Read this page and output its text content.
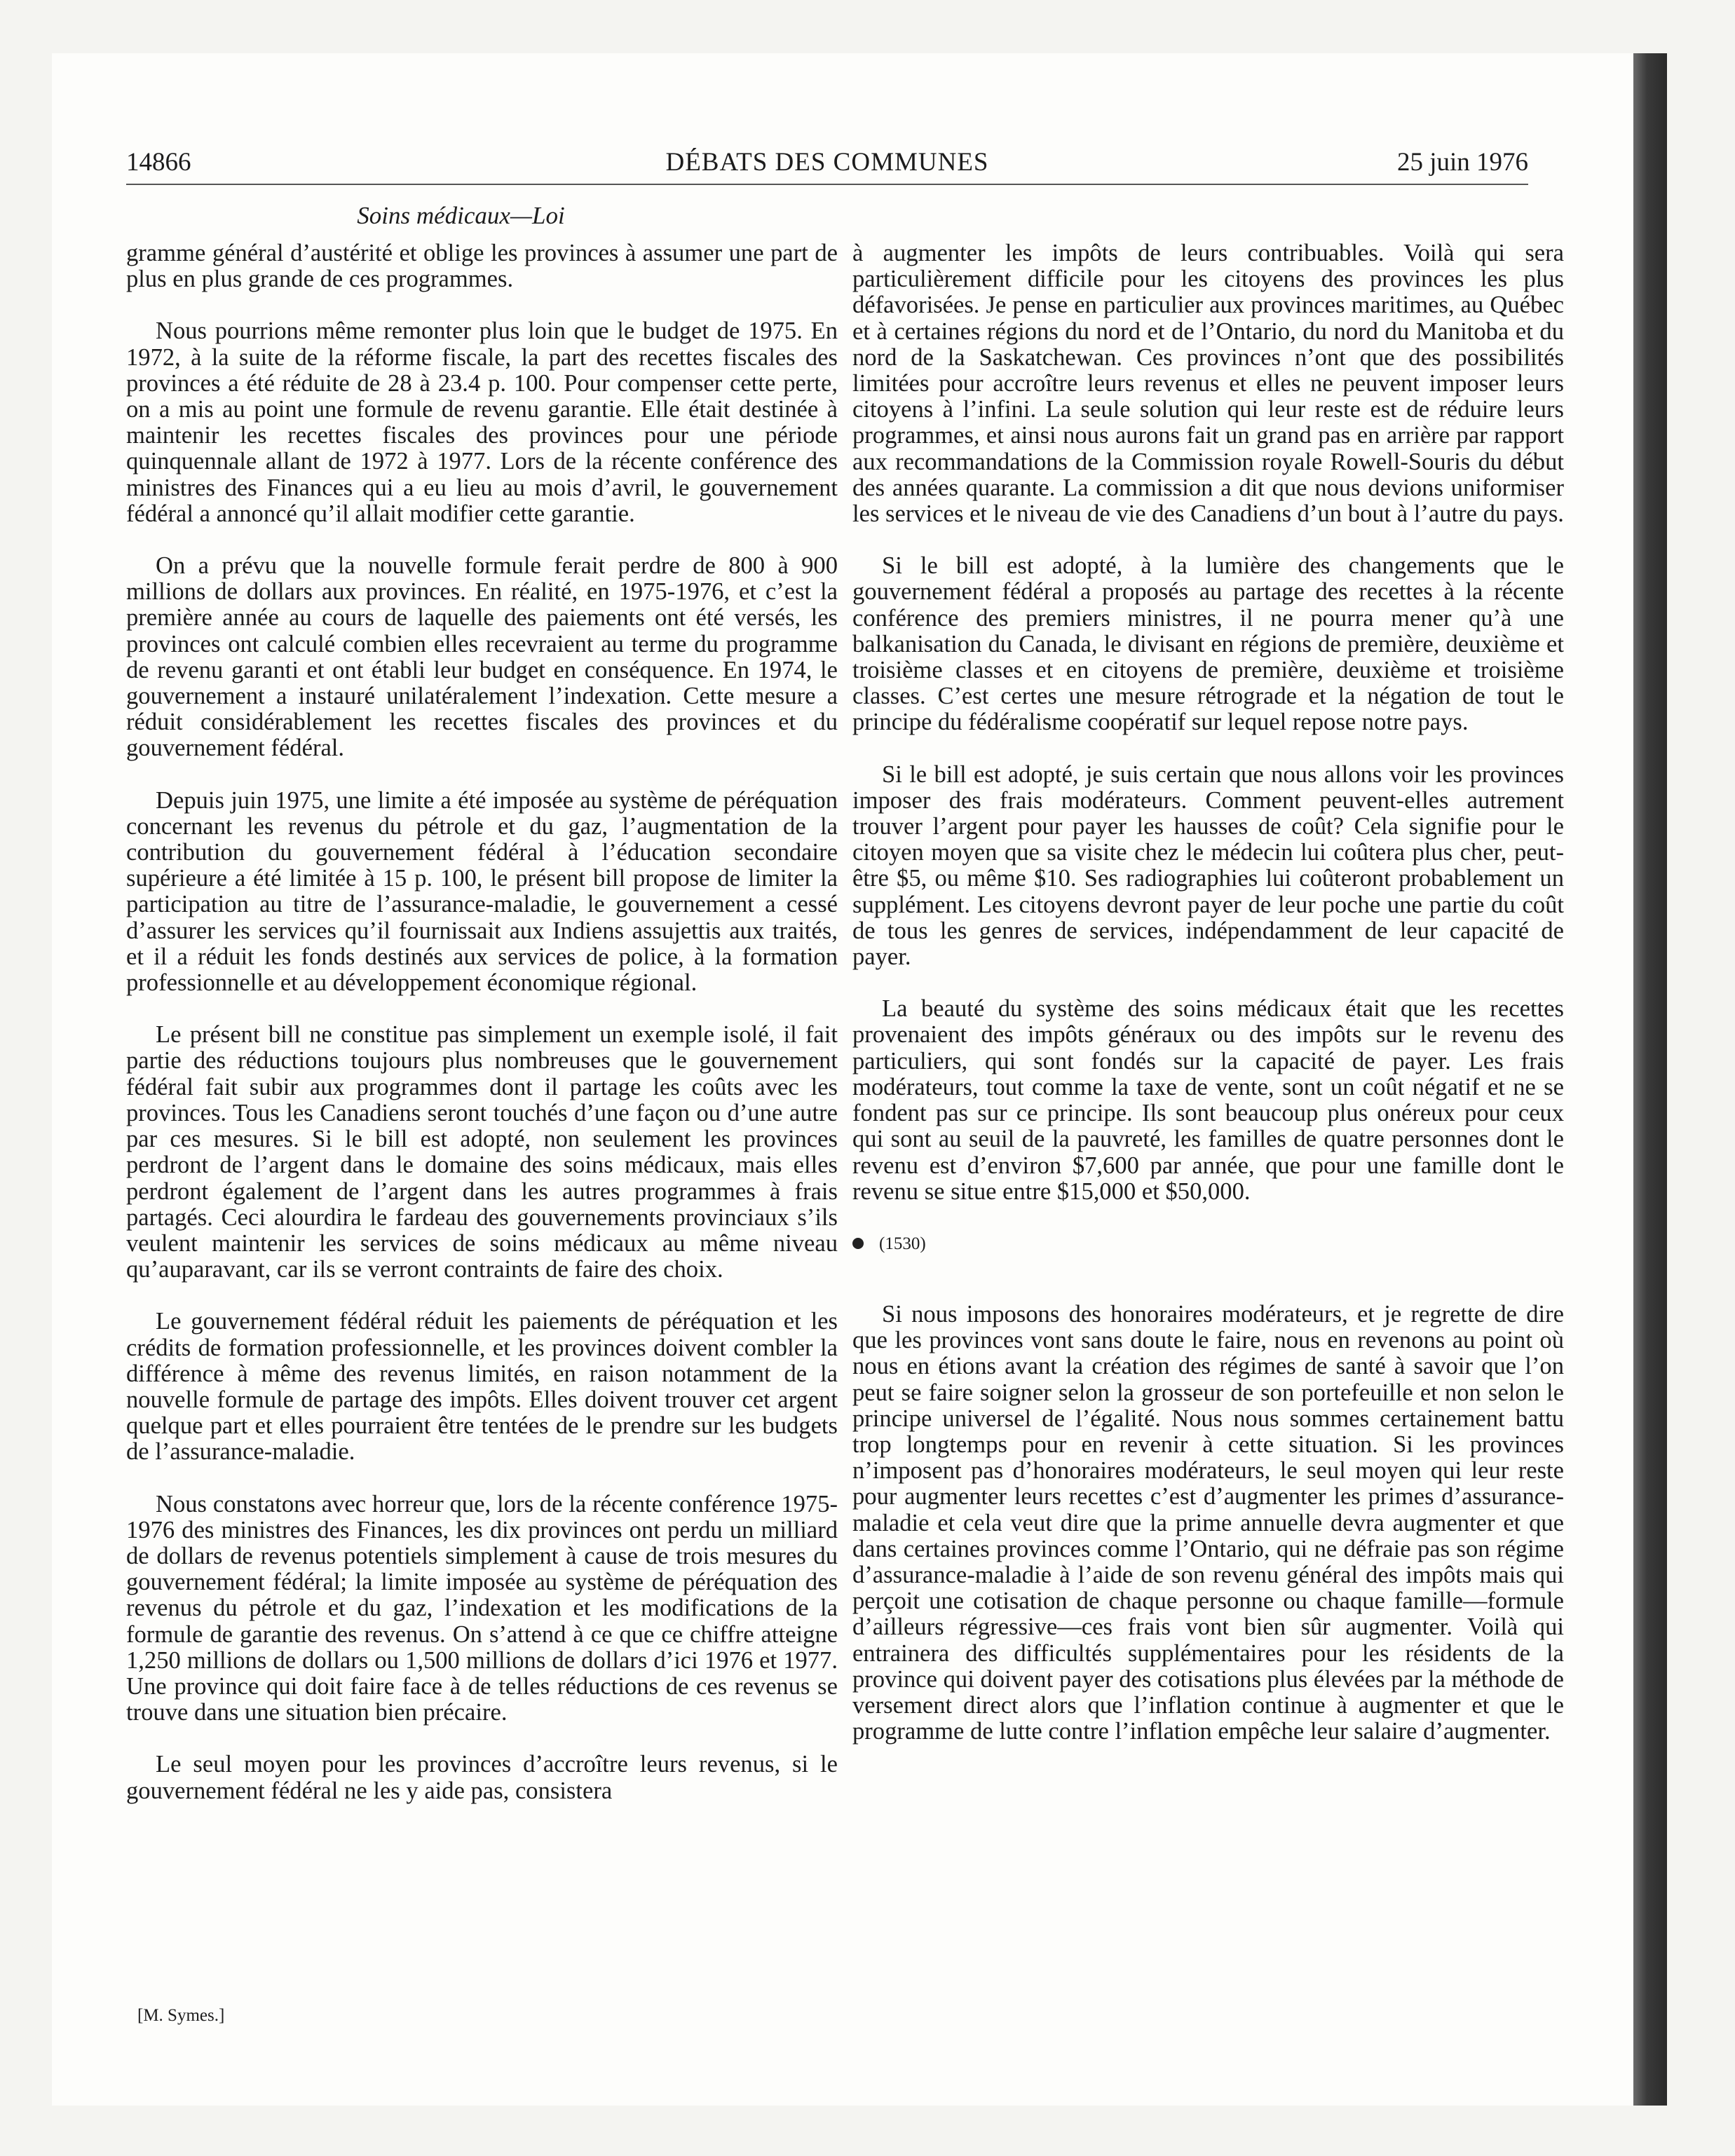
14866	DÉBATS DES COMMUNES	25 juin 1976
Soins médicaux—Loi

gramme général d’austérité et oblige les provinces à assumer une part de plus en plus grande de ces programmes.

Nous pourrions même remonter plus loin que le budget de 1975. En 1972, à la suite de la réforme fiscale, la part des recettes fiscales des provinces a été réduite de 28 à 23.4 p. 100. Pour compenser cette perte, on a mis au point une formule de revenu garantie. Elle était destinée à maintenir les recettes fiscales des provinces pour une période quinquennale allant de 1972 à 1977. Lors de la récente conférence des ministres des Finances qui a eu lieu au mois d’avril, le gouvernement fédéral a annoncé qu’il allait modifier cette garantie.

On a prévu que la nouvelle formule ferait perdre de 800 à 900 millions de dollars aux provinces. En réalité, en 1975-1976, et c’est la première année au cours de laquelle des paiements ont été versés, les provinces ont calculé combien elles recevraient au terme du programme de revenu garanti et ont établi leur budget en conséquence. En 1974, le gouvernement a instauré unilatéralement l’indexation. Cette mesure a réduit considérablement les recettes fiscales des provinces et du gouvernement fédéral.

Depuis juin 1975, une limite a été imposée au système de péréquation concernant les revenus du pétrole et du gaz, l’augmentation de la contribution du gouvernement fédéral à l’éducation secondaire supérieure a été limitée à 15 p. 100, le présent bill propose de limiter la participation au titre de l’assurance-maladie, le gouvernement a cessé d’assurer les services qu’il fournissait aux Indiens assujettis aux traités, et il a réduit les fonds destinés aux services de police, à la formation professionnelle et au développement économique régional.

Le présent bill ne constitue pas simplement un exemple isolé, il fait partie des réductions toujours plus nombreuses que le gouvernement fédéral fait subir aux programmes dont il partage les coûts avec les provinces. Tous les Canadiens seront touchés d’une façon ou d’une autre par ces mesures. Si le bill est adopté, non seulement les provinces perdront de l’argent dans le domaine des soins médicaux, mais elles perdront également de l’argent dans les autres programmes à frais partagés. Ceci alourdira le fardeau des gouvernements provinciaux s’ils veulent maintenir les services de soins médicaux au même niveau qu’auparavant, car ils se verront contraints de faire des choix.

Le gouvernement fédéral réduit les paiements de péréquation et les crédits de formation professionnelle, et les provinces doivent combler la différence à même des revenus limités, en raison notamment de la nouvelle formule de partage des impôts. Elles doivent trouver cet argent quelque part et elles pourraient être tentées de le prendre sur les budgets de l’assurance-maladie.

Nous constatons avec horreur que, lors de la récente conférence 1975-1976 des ministres des Finances, les dix provinces ont perdu un milliard de dollars de revenus potentiels simplement à cause de trois mesures du gouvernement fédéral; la limite imposée au système de péréquation des revenus du pétrole et du gaz, l’indexation et les modifications de la formule de garantie des revenus. On s’attend à ce que ce chiffre atteigne 1,250 millions de dollars ou 1,500 millions de dollars d’ici 1976 et 1977. Une province qui doit faire face à de telles réductions de ces revenus se trouve dans une situation bien précaire.

Le seul moyen pour les provinces d’accroître leurs revenus, si le gouvernement fédéral ne les y aide pas, consistera

[M. Symes.]

à augmenter les impôts de leurs contribuables. Voilà qui sera particulièrement difficile pour les citoyens des provinces les plus défavorisées. Je pense en particulier aux provinces maritimes, au Québec et à certaines régions du nord et de l’Ontario, du nord du Manitoba et du nord de la Saskatchewan. Ces provinces n’ont que des possibilités limitées pour accroître leurs revenus et elles ne peuvent imposer leurs citoyens à l’infini. La seule solution qui leur reste est de réduire leurs programmes, et ainsi nous aurons fait un grand pas en arrière par rapport aux recommandations de la Commission royale Rowell-Souris du début des années quarante. La commission a dit que nous devions uniformiser les services et le niveau de vie des Canadiens d’un bout à l’autre du pays.

Si le bill est adopté, à la lumière des changements que le gouvernement fédéral a proposés au partage des recettes à la récente conférence des premiers ministres, il ne pourra mener qu’à une balkanisation du Canada, le divisant en régions de première, deuxième et troisième classes et en citoyens de première, deuxième et troisième classes. C’est certes une mesure rétrograde et la négation de tout le principe du fédéralisme coopératif sur lequel repose notre pays.

Si le bill est adopté, je suis certain que nous allons voir les provinces imposer des frais modérateurs. Comment peuvent-elles autrement trouver l’argent pour payer les hausses de coût? Cela signifie pour le citoyen moyen que sa visite chez le médecin lui coûtera plus cher, peut-être $5, ou même $10. Ses radiographies lui coûteront probablement un supplément. Les citoyens devront payer de leur poche une partie du coût de tous les genres de services, indépendamment de leur capacité de payer.

La beauté du système des soins médicaux était que les recettes provenaient des impôts généraux ou des impôts sur le revenu des particuliers, qui sont fondés sur la capacité de payer. Les frais modérateurs, tout comme la taxe de vente, sont un coût négatif et ne se fondent pas sur ce principe. Ils sont beaucoup plus onéreux pour ceux qui sont au seuil de la pauvreté, les familles de quatre personnes dont le revenu est d’environ $7,600 par année, que pour une famille dont le revenu se situe entre $15,000 et $50,000.

(1530)

Si nous imposons des honoraires modérateurs, et je regrette de dire que les provinces vont sans doute le faire, nous en revenons au point où nous en étions avant la création des régimes de santé à savoir que l’on peut se faire soigner selon la grosseur de son portefeuille et non selon le principe universel de l’égalité. Nous nous sommes certainement battu trop longtemps pour en revenir à cette situation. Si les provinces n’imposent pas d’honoraires modérateurs, le seul moyen qui leur reste pour augmenter leurs recettes c’est d’augmenter les primes d’assurance-maladie et cela veut dire que la prime annuelle devra augmenter et que dans certaines provinces comme l’Ontario, qui ne défraie pas son régime d’assurance-maladie à l’aide de son revenu général des impôts mais qui perçoit une cotisation de chaque personne ou chaque famille—formule d’ailleurs régressive—ces frais vont bien sûr augmenter. Voilà qui entrainera des difficultés supplémentaires pour les résidents de la province qui doivent payer des cotisations plus élevées par la méthode de versement direct alors que l’inflation continue à augmenter et que le programme de lutte contre l’inflation empêche leur salaire d’augmenter.
